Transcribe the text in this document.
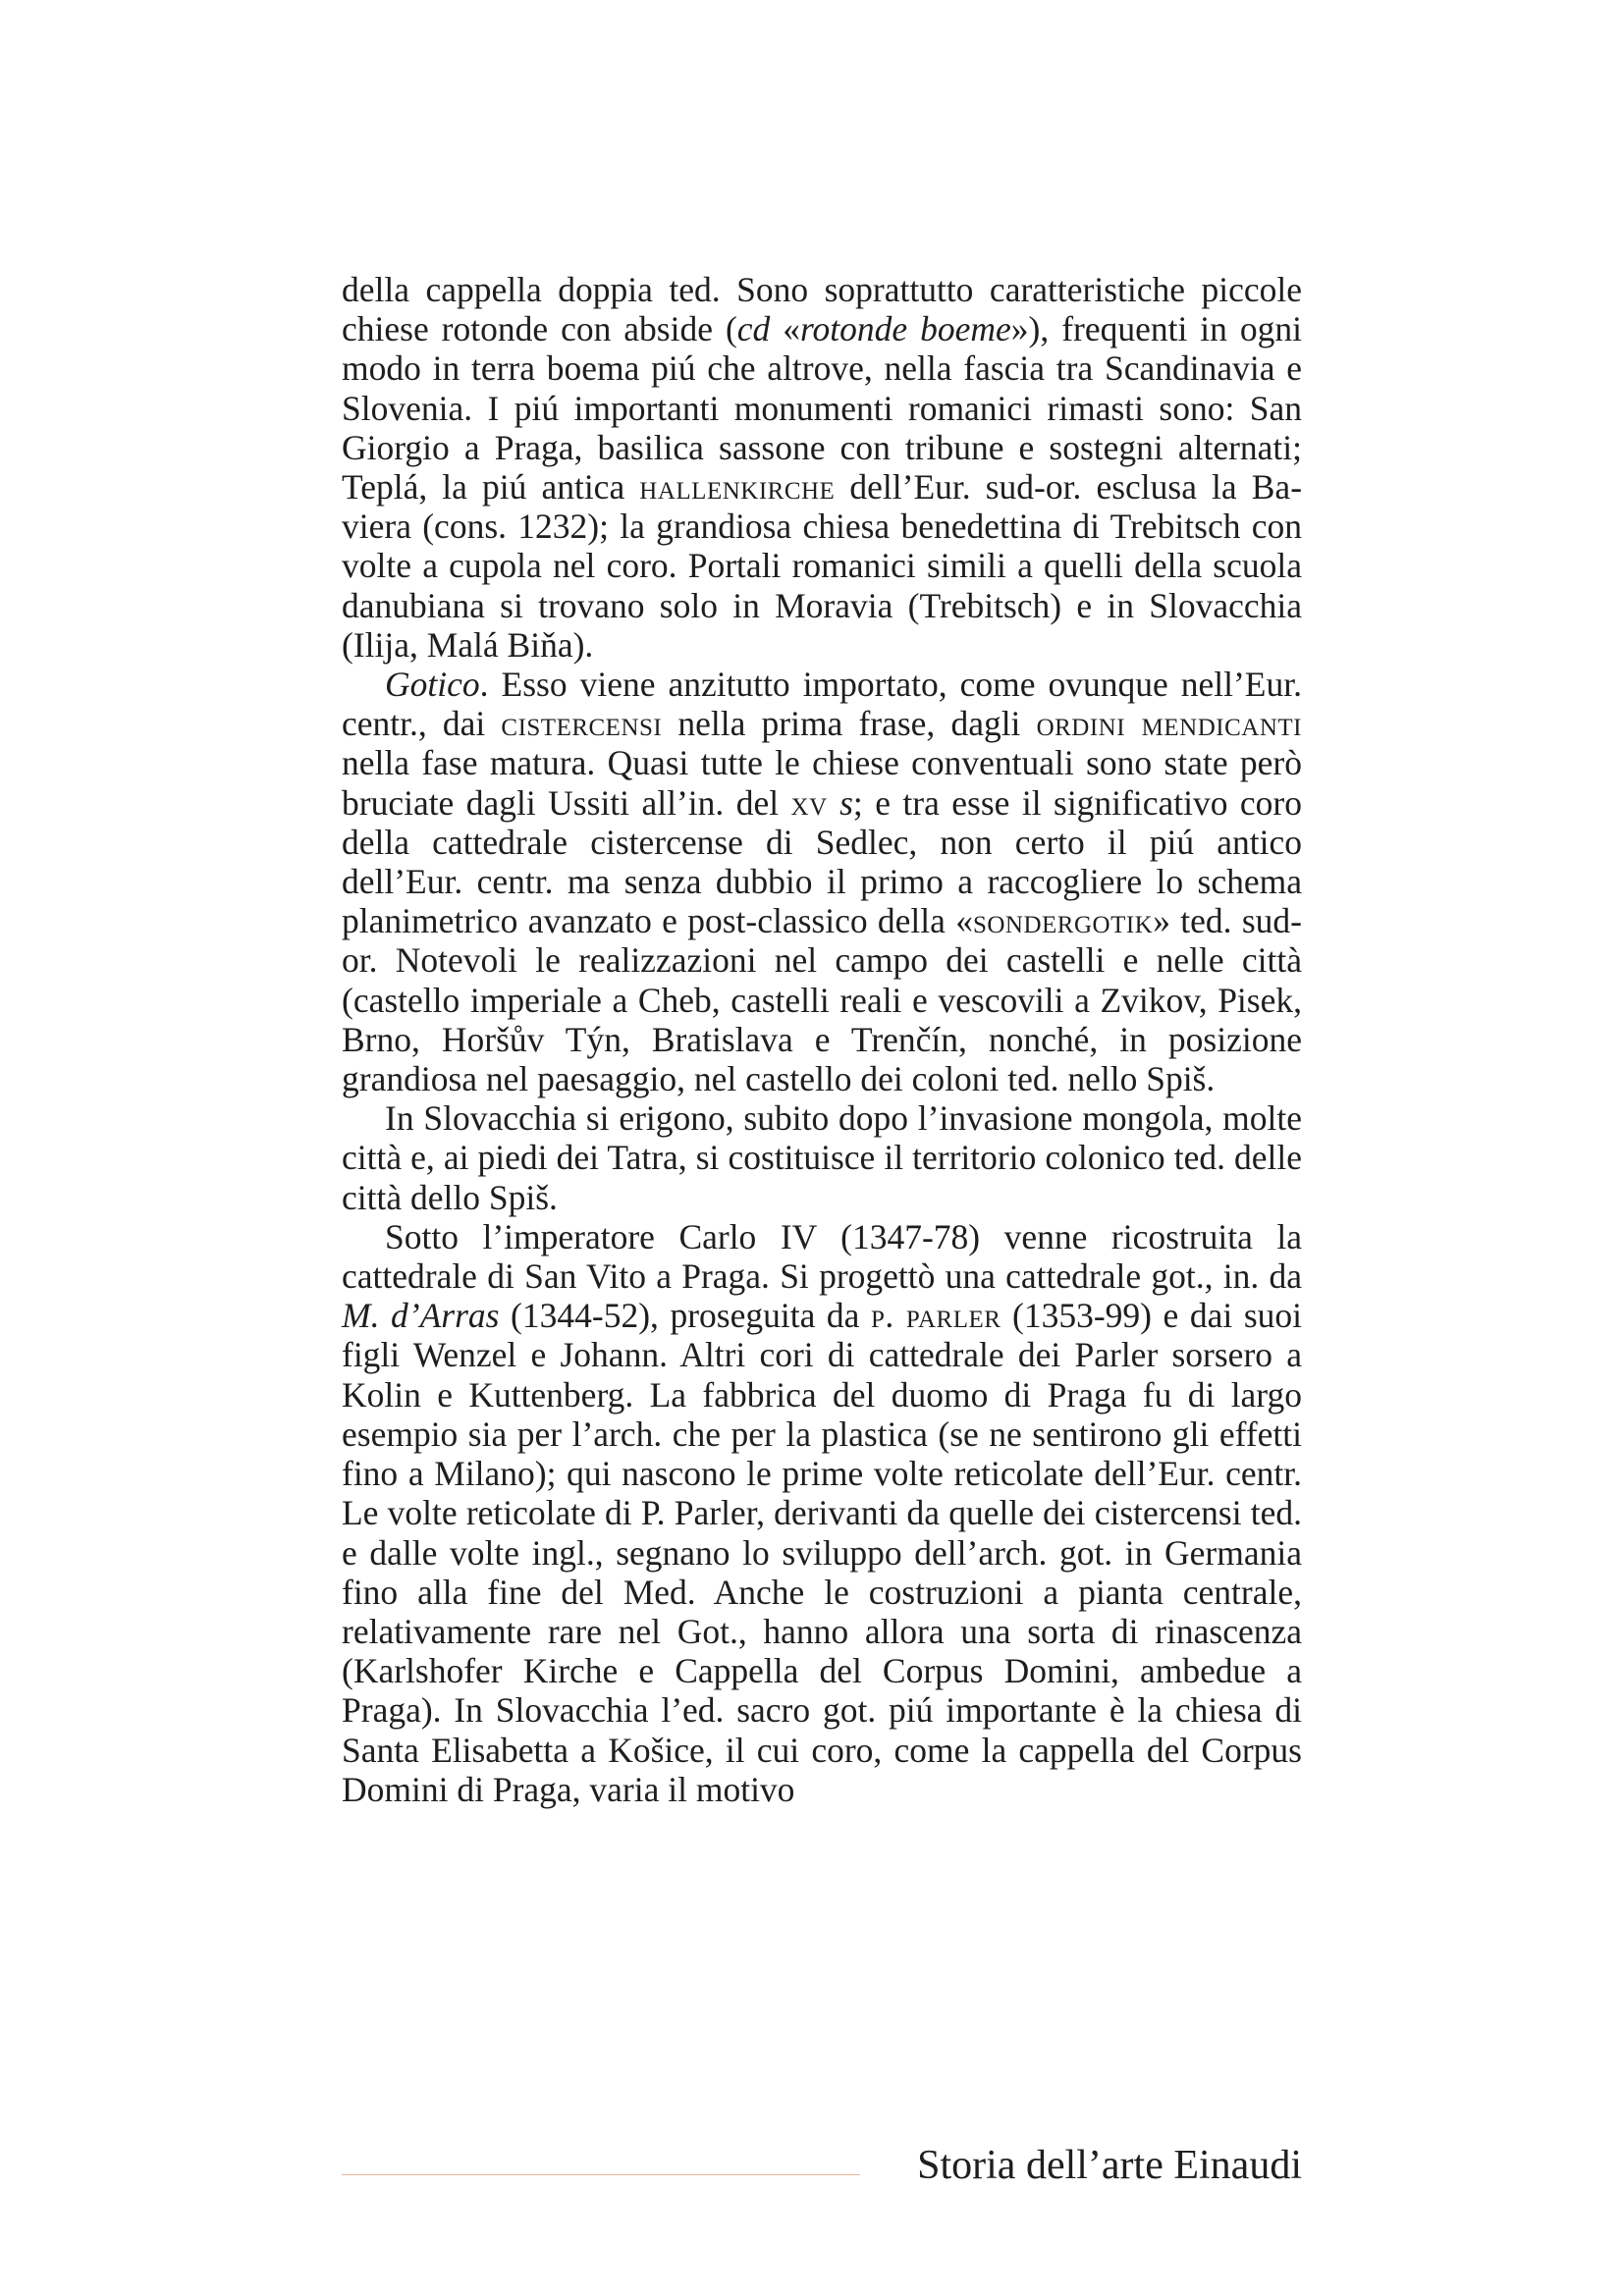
della cappella doppia ted. Sono soprattutto caratteristiche piccole chiese rotonde con abside (cd «rotonde boeme»), frequenti in ogni modo in terra boema piú che altrove, nella fascia tra Scandinavia e Slovenia. I piú importanti monumenti romanici rimasti sono: San Giorgio a Praga, basilica sassone con tribune e sostegni alternati; Teplá, la piú antica hallenkirche dell’Eur. sud-or. esclusa la Baviera (cons. 1232); la grandiosa chiesa benedettina di Trebitsch con volte a cupola nel coro. Portali romanici simili a quelli della scuola danubiana si trovano solo in Moravia (Trebitsch) e in Slovacchia (Ilija, Malá Biňa).

Gotico. Esso viene anzitutto importato, come ovunque nell’Eur. centr., dai cistercensi nella prima frase, dagli ordini mendicanti nella fase matura. Quasi tutte le chiese conventuali sono state però bruciate dagli Ussiti all’in. del xv s; e tra esse il significativo coro della cattedrale cistercense di Sedlec, non certo il piú antico dell’Eur. centr. ma senza dubbio il primo a raccogliere lo schema planimetrico avanzato e post-classico della «sondergotik» ted. sud-or. Notevoli le realizzazioni nel campo dei castelli e nelle città (castello imperiale a Cheb, castelli reali e vescovili a Zvikov, Pisek, Brno, Horšův Týn, Bratislava e Trenčín, nonché, in posizione grandiosa nel paesaggio, nel castello dei coloni ted. nello Spiš.

In Slovacchia si erigono, subito dopo l’invasione mongola, molte città e, ai piedi dei Tatra, si costituisce il territorio colonico ted. delle città dello Spiš.

Sotto l’imperatore Carlo IV (1347-78) venne ricostruita la cattedrale di San Vito a Praga. Si progettò una cattedrale got., in. da M. d’Arras (1344-52), proseguita da p. parler (1353-99) e dai suoi figli Wenzel e Johann. Altri cori di cattedrale dei Parler sorsero a Kolin e Kuttenberg. La fabbrica del duomo di Praga fu di largo esempio sia per l’arch. che per la plastica (se ne sentirono gli effetti fino a Milano); qui nascono le prime volte reticolate dell’Eur. centr. Le volte reticolate di P. Parler, derivanti da quelle dei cistercensi ted. e dalle volte ingl., segnano lo sviluppo dell’arch. got. in Germania fino alla fine del Med. Anche le costruzioni a pianta centrale, relativamente rare nel Got., hanno allora una sorta di rinascenza (Karlshofer Kirche e Cappella del Corpus Domini, ambedue a Praga). In Slovacchia l’ed. sacro got. piú importante è la chiesa di Santa Elisabetta a Košice, il cui coro, come la cappella del Corpus Domini di Praga, varia il motivo

Storia dell’arte Einaudi
